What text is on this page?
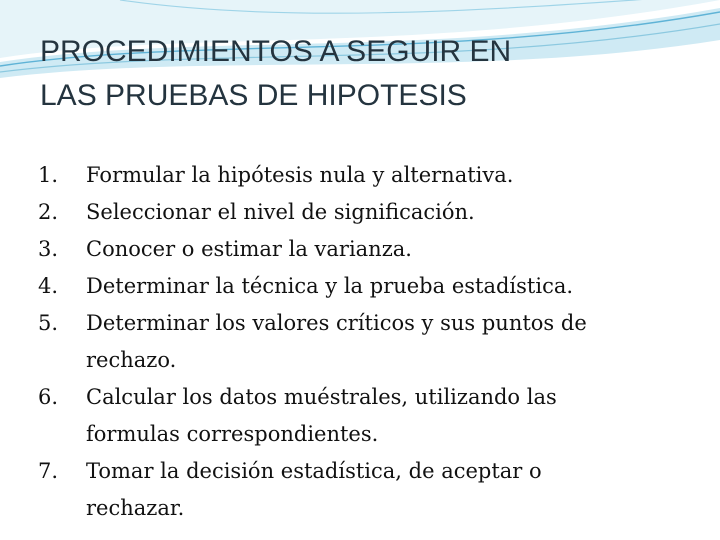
PROCEDIMIENTOS A SEGUIR EN
LAS PRUEBAS DE HIPOTESIS
1. Formular la hipótesis nula y alternativa.
2. Seleccionar el nivel de significación.
3. Conocer o estimar la varianza.
4. Determinar la técnica y la prueba estadística.
5. Determinar los valores críticos y sus puntos de
rechazo.
6. Calcular los datos muéstrales, utilizando las
formulas correspondientes.
7. Tomar la decisión estadística, de aceptar o
rechazar.
